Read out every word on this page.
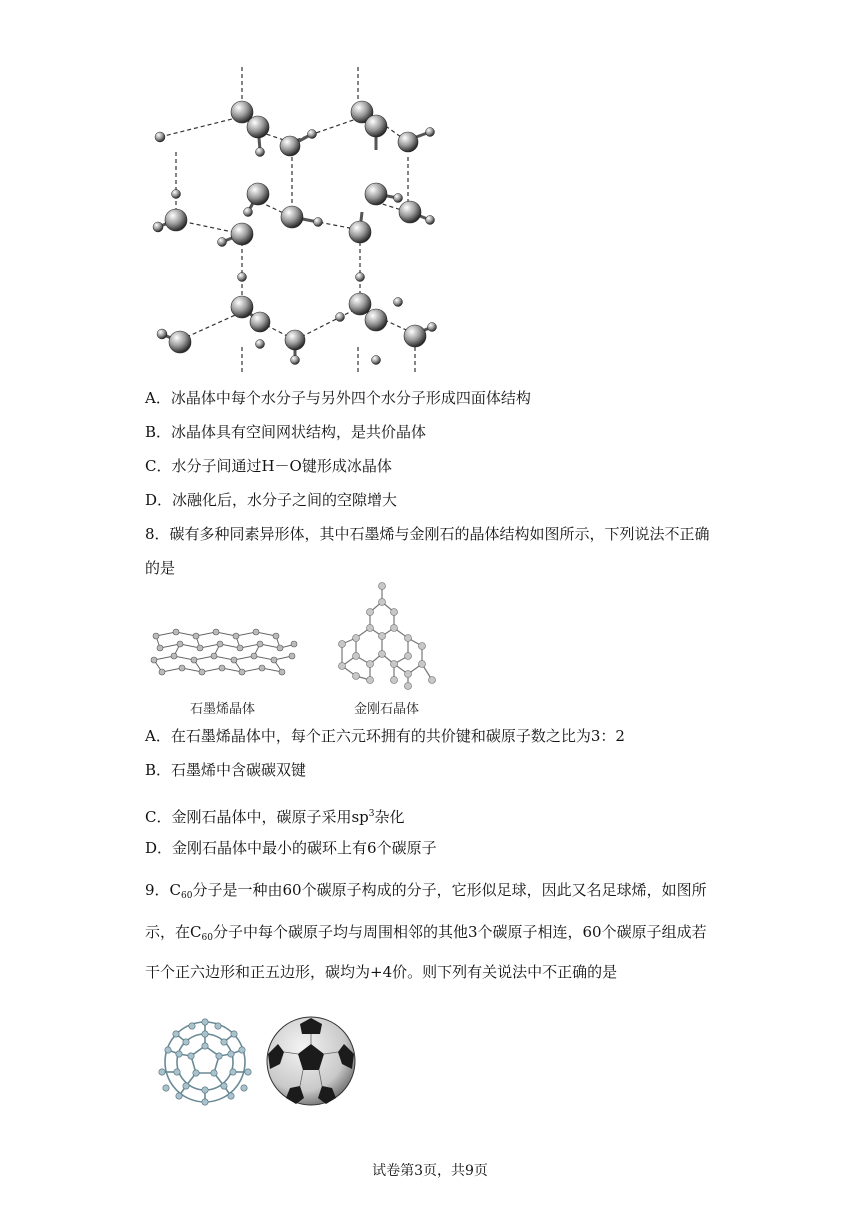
A．冰晶体中每个水分子与另外四个水分子形成四面体结构
B．冰晶体具有空间网状结构，是共价晶体
C．水分子间通过H－O键形成冰晶体
D．冰融化后，水分子之间的空隙增大
8．碳有多种同素异形体，其中石墨烯与金刚石的晶体结构如图所示，下列说法不正确
的是
石墨烯晶体	金刚石晶体
A．在石墨烯晶体中，每个正六元环拥有的共价键和碳原子数之比为3：2
B．石墨烯中含碳碳双键
C．金刚石晶体中，碳原子采用$sp^3$杂化
D．金刚石晶体中最小的碳环上有6个碳原子
9．$C_{60}$分子是一种由60个碳原子构成的分子，它形似足球，因此又名足球烯，如图所
示，在$C_{60}$分子中每个碳原子均与周围相邻的其他3个碳原子相连，60个碳原子组成若
干个正六边形和正五边形，碳均为+4价。则下列有关说法中不正确的是
试卷第3页，共9页
